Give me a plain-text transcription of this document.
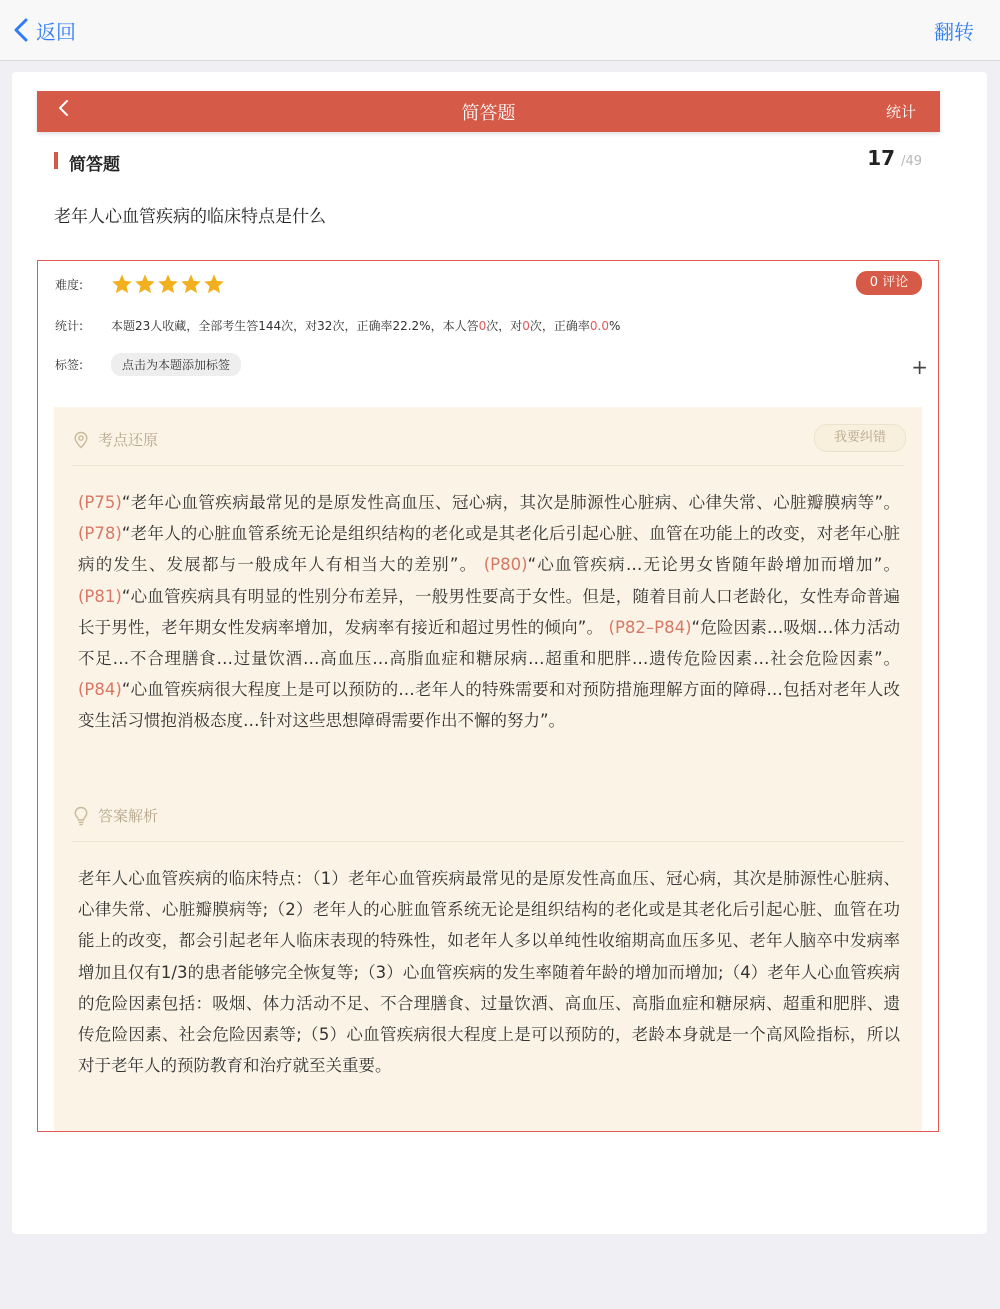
返回	翻转
简答题	统计
简答题	17 /49
老年人心血管疾病的临床特点是什么
难度:	0 评论
统计:	本题23人收藏，全部考生答144次，对32次，正确率22.2%，本人答0次，对0次，正确率0.0%
标签:	点击为本题添加标签	+
考点还原	我要纠错
(P75)“老年心血管疾病最常见的是原发性高血压、冠心病，其次是肺源性心脏病、心律失常、心脏瓣膜病等”。 (P78)“老年人的心脏血管系统无论是组织结构的老化或是其老化后引起心脏、血管在功能上的改变，对老年心脏病的发生、发展都与一般成年人有相当大的差别”。 (P80)“心血管疾病…无论男女皆随年龄增加而增加”。 (P81)“心血管疾病具有明显的性别分布差异，一般男性要高于女性。但是，随着目前人口老龄化，女性寿命普遍长于男性，老年期女性发病率增加，发病率有接近和超过男性的倾向”。 (P82–P84)“危险因素…吸烟…体力活动不足…不合理膳食…过量饮酒…高血压…高脂血症和糖尿病…超重和肥胖…遗传危险因素…社会危险因素”。 (P84)“心血管疾病很大程度上是可以预防的…老年人的特殊需要和对预防措施理解方面的障碍…包括对老年人改变生活习惯抱消极态度…针对这些思想障碍需要作出不懈的努力”。
答案解析
老年人心血管疾病的临床特点：（1）老年心血管疾病最常见的是原发性高血压、冠心病，其次是肺源性心脏病、心律失常、心脏瓣膜病等;（2）老年人的心脏血管系统无论是组织结构的老化或是其老化后引起心脏、血管在功能上的改变，都会引起老年人临床表现的特殊性，如老年人多以单纯性收缩期高血压多见、老年人脑卒中发病率增加且仅有1/3的患者能够完全恢复等;（3）心血管疾病的发生率随着年龄的增加而增加;（4）老年人心血管疾病的危险因素包括：吸烟、体力活动不足、不合理膳食、过量饮酒、高血压、高脂血症和糖尿病、超重和肥胖、遗传危险因素、社会危险因素等;（5）心血管疾病很大程度上是可以预防的，老龄本身就是一个高风险指标，所以对于老年人的预防教育和治疗就至关重要。
